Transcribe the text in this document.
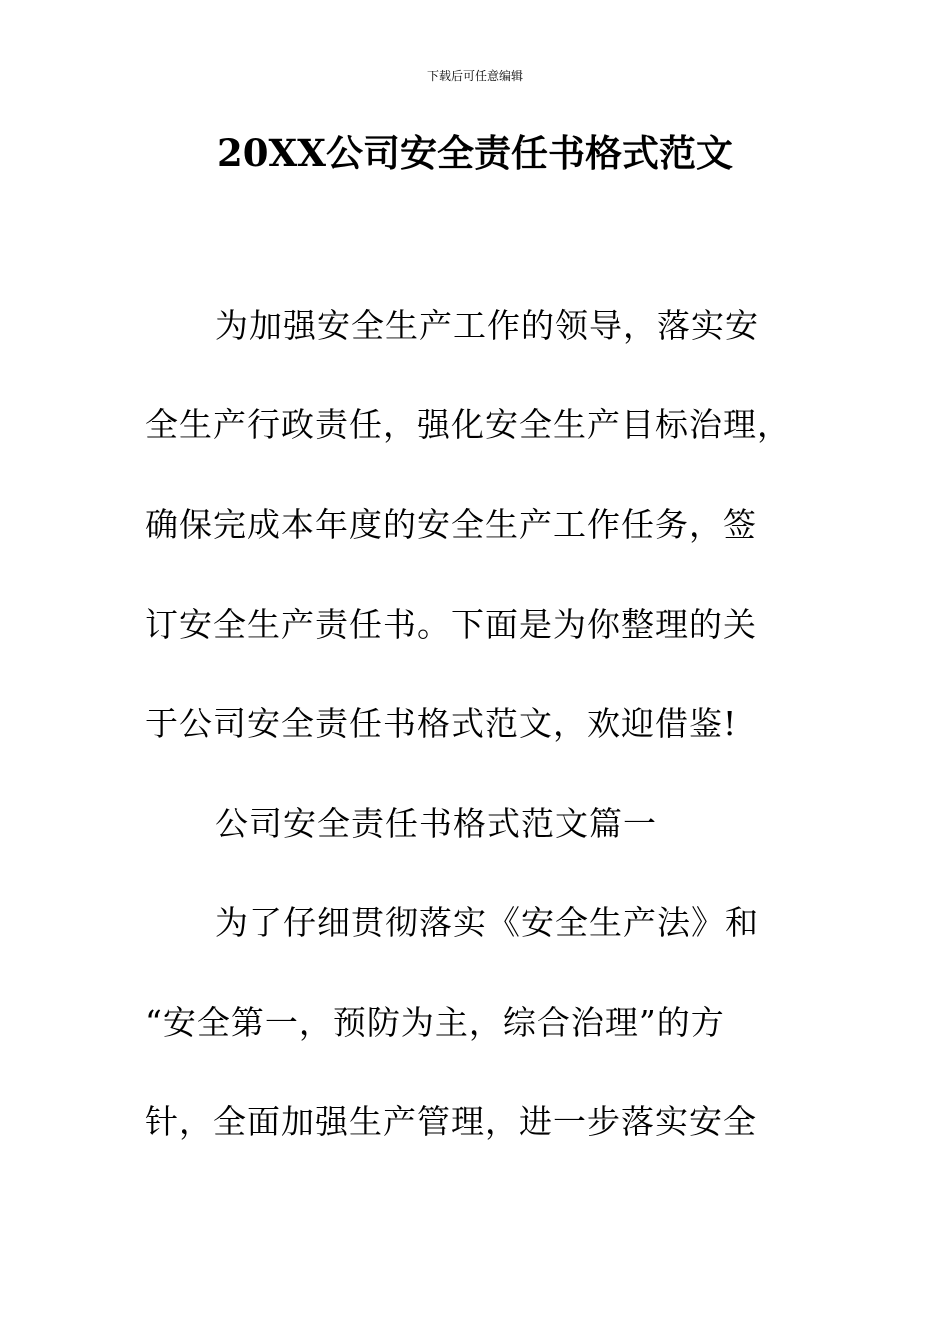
下载后可任意编辑
20XX公司安全责任书格式范文
为加强安全生产工作的领导，落实安
全生产行政责任，强化安全生产目标治理，
确保完成本年度的安全生产工作任务，签
订安全生产责任书。下面是为你整理的关
于公司安全责任书格式范文，欢迎借鉴!
公司安全责任书格式范文篇一
为了仔细贯彻落实《安全生产法》和
“安全第一，预防为主，综合治理”的方
针，全面加强生产管理，进一步落实安全
